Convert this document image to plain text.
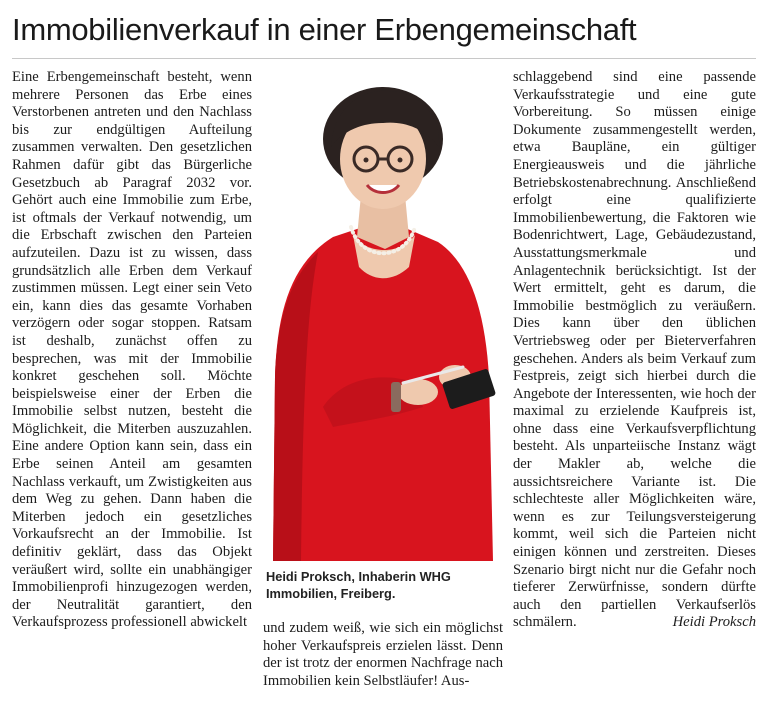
Immobilienverkauf in einer Erbengemeinschaft

Eine Erbengemeinschaft besteht, wenn mehrere Personen das Erbe eines Verstorbenen antreten und den Nachlass bis zur endgültigen Aufteilung zusammen verwalten. Den gesetzlichen Rahmen dafür gibt das Bürgerliche Gesetzbuch ab Paragraf 2032 vor. Gehört auch eine Immobilie zum Erbe, ist oftmals der Verkauf notwendig, um die Erbschaft zwischen den Parteien aufzuteilen. Dazu ist zu wissen, dass grundsätzlich alle Erben dem Verkauf zustimmen müssen. Legt einer sein Veto ein, kann dies das gesamte Vorhaben verzögern oder sogar stoppen. Ratsam ist deshalb, zunächst offen zu besprechen, was mit der Immobilie konkret geschehen soll. Möchte beispielsweise einer der Erben die Immobilie selbst nutzen, besteht die Möglichkeit, die Miterben auszuzahlen. Eine andere Option kann sein, dass ein Erbe seinen Anteil am gesamten Nachlass verkauft, um Zwistigkeiten aus dem Weg zu gehen. Dann haben die Miterben jedoch ein gesetzliches Vorkaufsrecht an der Immobilie. Ist definitiv geklärt, dass das Objekt veräußert wird, sollte ein unabhängiger Immobilienprofi hinzugezogen werden, der Neutralität garantiert, den Verkaufsprozess professionell abwickelt

Heidi Proksch, Inhaberin WHG Immobilien, Freiberg.

und zudem weiß, wie sich ein möglichst hoher Verkaufspreis erzielen lässt. Denn der ist trotz der enormen Nachfrage nach Immobilien kein Selbstläufer! Aus-

schlaggebend sind eine passende Verkaufsstrategie und eine gute Vorbereitung. So müssen einige Dokumente zusammengestellt werden, etwa Baupläne, ein gültiger Energieausweis und die jährliche Betriebskostenabrechnung. Anschließend erfolgt eine qualifizierte Immobilienbewertung, die Faktoren wie Bodenrichtwert, Lage, Gebäudezustand, Ausstattungsmerkmale und Anlagentechnik berücksichtigt. Ist der Wert ermittelt, geht es darum, die Immobilie bestmöglich zu veräußern. Dies kann über den üblichen Vertriebsweg oder per Bieterverfahren geschehen. Anders als beim Verkauf zum Festpreis, zeigt sich hierbei durch die Angebote der Interessenten, wie hoch der maximal zu erzielende Kaufpreis ist, ohne dass eine Verkaufsverpflichtung besteht. Als unparteiische Instanz wägt der Makler ab, welche die aussichtsreichere Variante ist. Die schlechteste aller Möglichkeiten wäre, wenn es zur Teilungsversteigerung kommt, weil sich die Parteien nicht einigen können und zerstreiten. Dieses Szenario birgt nicht nur die Gefahr noch tieferer Zerwürfnisse, sondern dürfte auch den partiellen Verkaufserlös schmälern.	Heidi Proksch
